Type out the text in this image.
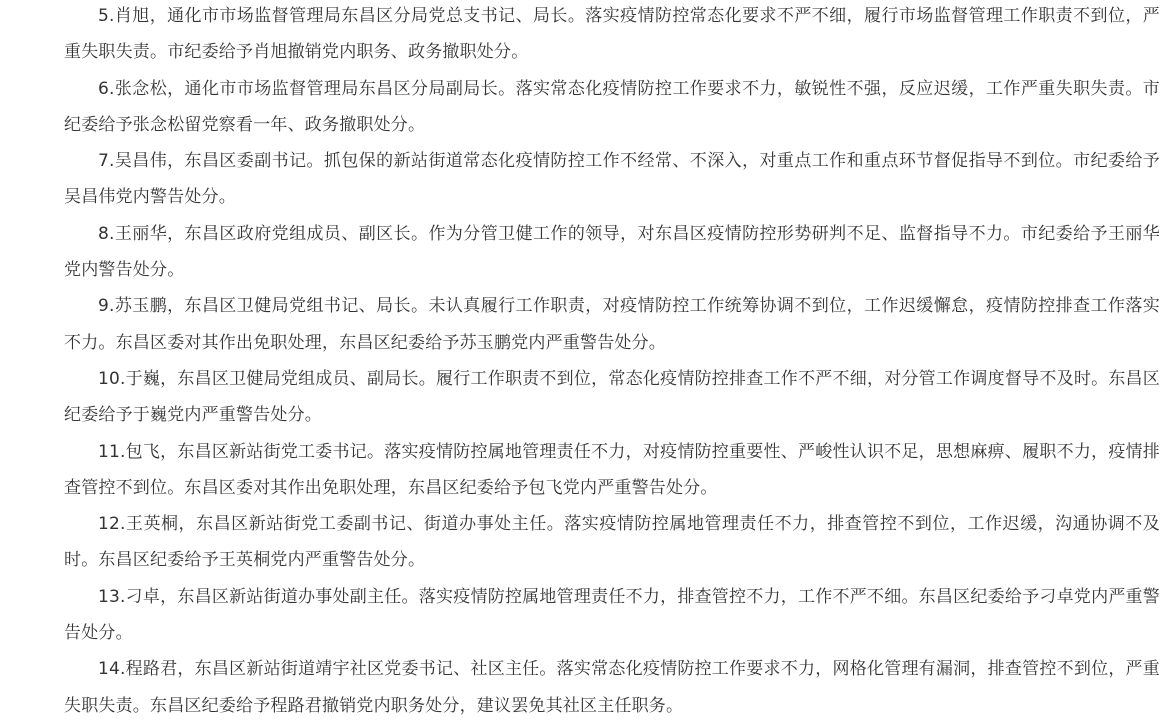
5.肖旭，通化市市场监督管理局东昌区分局党总支书记、局长。落实疫情防控常态化要求不严不细，履行市场监督管理工作职责不到位，严重失职失责。市纪委给予肖旭撤销党内职务、政务撤职处分。

6.张念松，通化市市场监督管理局东昌区分局副局长。落实常态化疫情防控工作要求不力，敏锐性不强，反应迟缓，工作严重失职失责。市纪委给予张念松留党察看一年、政务撤职处分。

7.吴昌伟，东昌区委副书记。抓包保的新站街道常态化疫情防控工作不经常、不深入，对重点工作和重点环节督促指导不到位。市纪委给予吴昌伟党内警告处分。

8.王丽华，东昌区政府党组成员、副区长。作为分管卫健工作的领导，对东昌区疫情防控形势研判不足、监督指导不力。市纪委给予王丽华党内警告处分。

9.苏玉鹏，东昌区卫健局党组书记、局长。未认真履行工作职责，对疫情防控工作统筹协调不到位，工作迟缓懈怠，疫情防控排查工作落实不力。东昌区委对其作出免职处理，东昌区纪委给予苏玉鹏党内严重警告处分。

10.于巍，东昌区卫健局党组成员、副局长。履行工作职责不到位，常态化疫情防控排查工作不严不细，对分管工作调度督导不及时。东昌区纪委给予于巍党内严重警告处分。

11.包飞，东昌区新站街党工委书记。落实疫情防控属地管理责任不力，对疫情防控重要性、严峻性认识不足，思想麻痹、履职不力，疫情排查管控不到位。东昌区委对其作出免职处理，东昌区纪委给予包飞党内严重警告处分。

12.王英桐，东昌区新站街党工委副书记、街道办事处主任。落实疫情防控属地管理责任不力，排查管控不到位，工作迟缓，沟通协调不及时。东昌区纪委给予王英桐党内严重警告处分。

13.刁卓，东昌区新站街道办事处副主任。落实疫情防控属地管理责任不力，排查管控不力，工作不严不细。东昌区纪委给予刁卓党内严重警告处分。

14.程路君，东昌区新站街道靖宇社区党委书记、社区主任。落实常态化疫情防控工作要求不力，网格化管理有漏洞，排查管控不到位，严重失职失责。东昌区纪委给予程路君撤销党内职务处分，建议罢免其社区主任职务。
